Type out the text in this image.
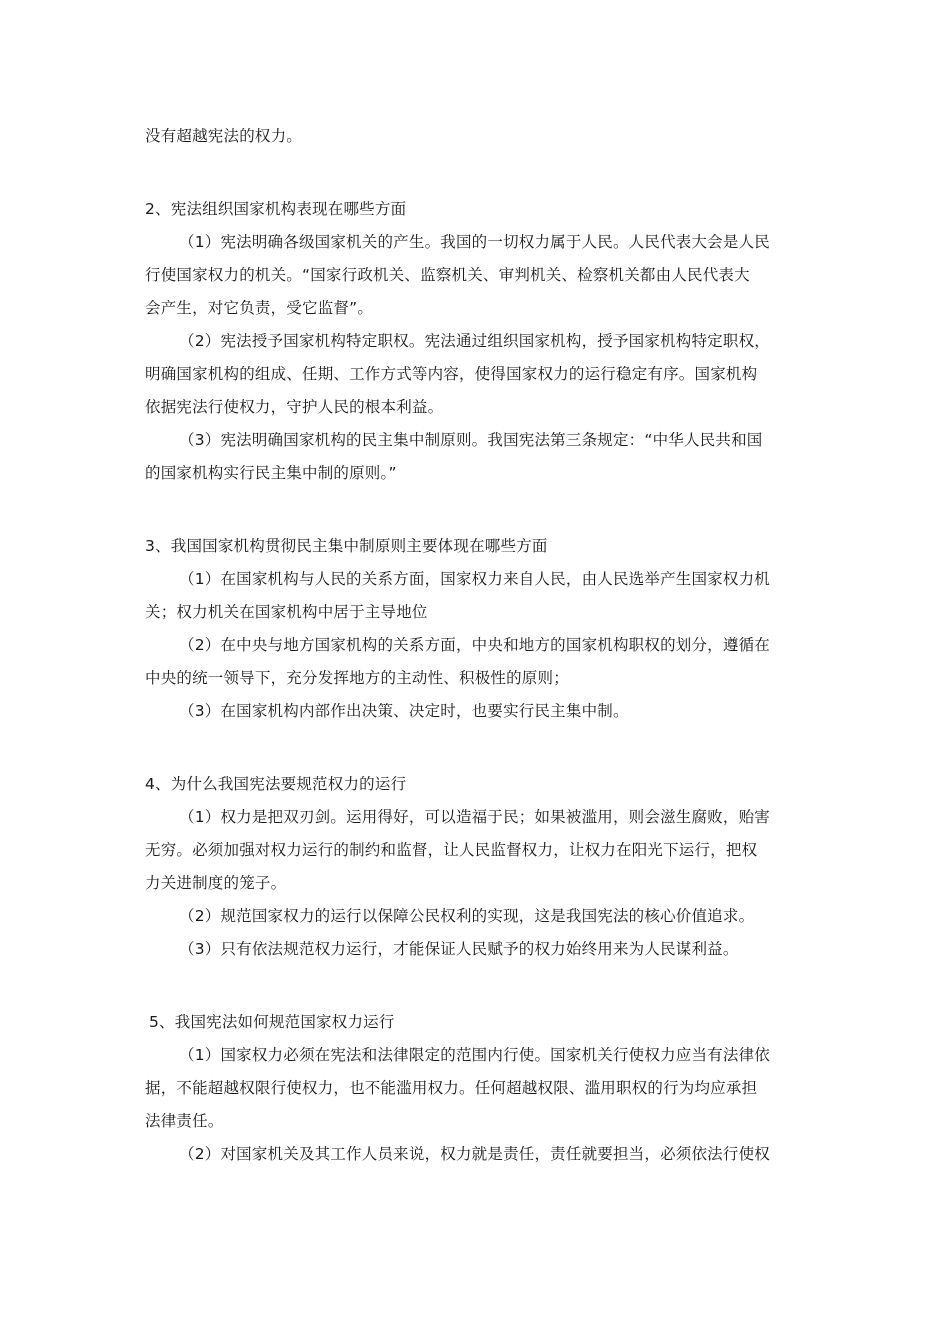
没有超越宪法的权力。
2、宪法组织国家机构表现在哪些方面
（1）宪法明确各级国家机关的产生。我国的一切权力属于人民。人民代表大会是人民
行使国家权力的机关。“国家行政机关、监察机关、审判机关、检察机关都由人民代表大
会产生，对它负责，受它监督”。
（2）宪法授予国家机构特定职权。宪法通过组织国家机构，授予国家机构特定职权，
明确国家机构的组成、任期、工作方式等内容，使得国家权力的运行稳定有序。国家机构
依据宪法行使权力，守护人民的根本利益。
（3）宪法明确国家机构的民主集中制原则。我国宪法第三条规定：“中华人民共和国
的国家机构实行民主集中制的原则。”
3、我国国家机构贯彻民主集中制原则主要体现在哪些方面
（1）在国家机构与人民的关系方面，国家权力来自人民，由人民选举产生国家权力机
关；权力机关在国家机构中居于主导地位
（2）在中央与地方国家机构的关系方面，中央和地方的国家机构职权的划分，遵循在
中央的统一领导下，充分发挥地方的主动性、积极性的原则；
（3）在国家机构内部作出决策、决定时，也要实行民主集中制。
4、为什么我国宪法要规范权力的运行
（1）权力是把双刃剑。运用得好，可以造福于民；如果被滥用，则会滋生腐败，贻害
无穷。必须加强对权力运行的制约和监督，让人民监督权力，让权力在阳光下运行，把权
力关进制度的笼子。
（2）规范国家权力的运行以保障公民权利的实现，这是我国宪法的核心价值追求。
（3）只有依法规范权力运行，才能保证人民赋予的权力始终用来为人民谋利益。
5、我国宪法如何规范国家权力运行
（1）国家权力必须在宪法和法律限定的范围内行使。国家机关行使权力应当有法律依
据，不能超越权限行使权力，也不能滥用权力。任何超越权限、滥用职权的行为均应承担
法律责任。
（2）对国家机关及其工作人员来说，权力就是责任，责任就要担当，必须依法行使权
